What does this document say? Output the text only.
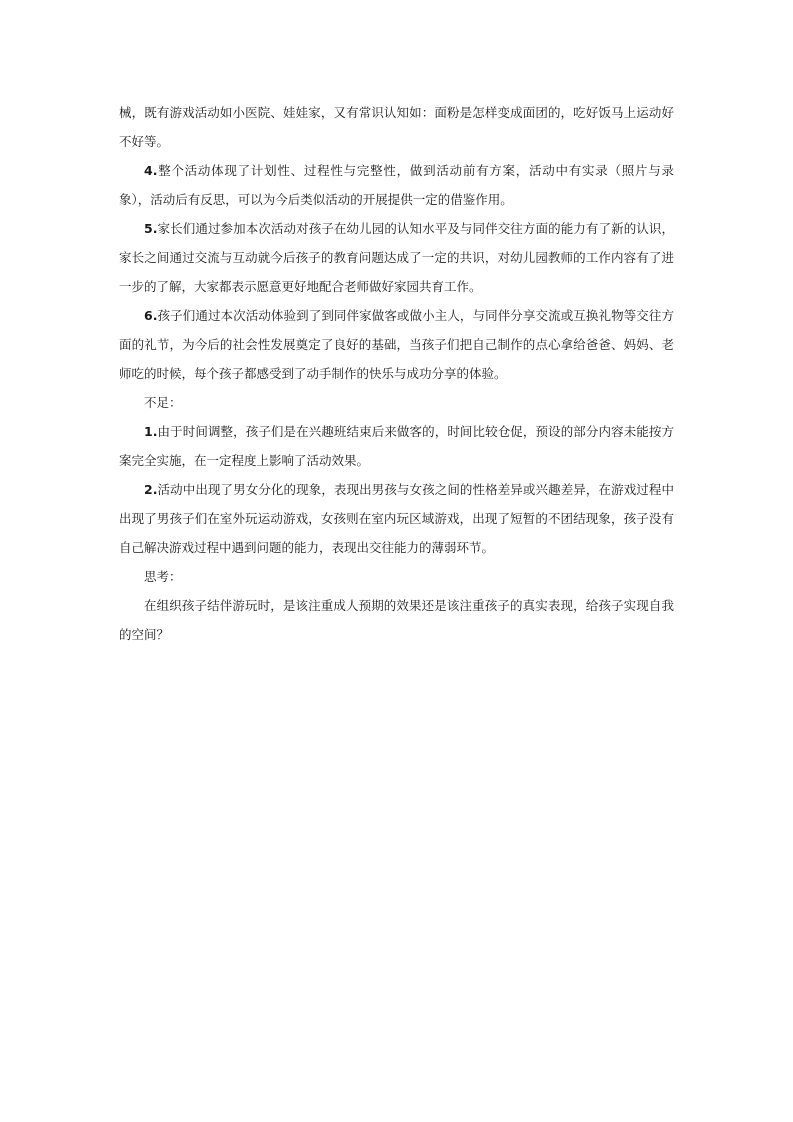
械，既有游戏活动如小医院、娃娃家，又有常识认知如：面粉是怎样变成面团的，吃好饭马上运动好不好等。

4.整个活动体现了计划性、过程性与完整性，做到活动前有方案，活动中有实录（照片与录象），活动后有反思，可以为今后类似活动的开展提供一定的借鉴作用。

5.家长们通过参加本次活动对孩子在幼儿园的认知水平及与同伴交往方面的能力有了新的认识，家长之间通过交流与互动就今后孩子的教育问题达成了一定的共识，对幼儿园教师的工作内容有了进一步的了解，大家都表示愿意更好地配合老师做好家园共育工作。

6.孩子们通过本次活动体验到了到同伴家做客或做小主人，与同伴分享交流或互换礼物等交往方面的礼节，为今后的社会性发展奠定了良好的基础，当孩子们把自己制作的点心拿给爸爸、妈妈、老师吃的时候，每个孩子都感受到了动手制作的快乐与成功分享的体验。

不足：

1.由于时间调整，孩子们是在兴趣班结束后来做客的，时间比较仓促，预设的部分内容未能按方案完全实施，在一定程度上影响了活动效果。

2.活动中出现了男女分化的现象，表现出男孩与女孩之间的性格差异或兴趣差异，在游戏过程中出现了男孩子们在室外玩运动游戏，女孩则在室内玩区域游戏，出现了短暂的不团结现象，孩子没有自己解决游戏过程中遇到问题的能力，表现出交往能力的薄弱环节。

思考：

在组织孩子结伴游玩时，是该注重成人预期的效果还是该注重孩子的真实表现，给孩子实现自我的空间？
